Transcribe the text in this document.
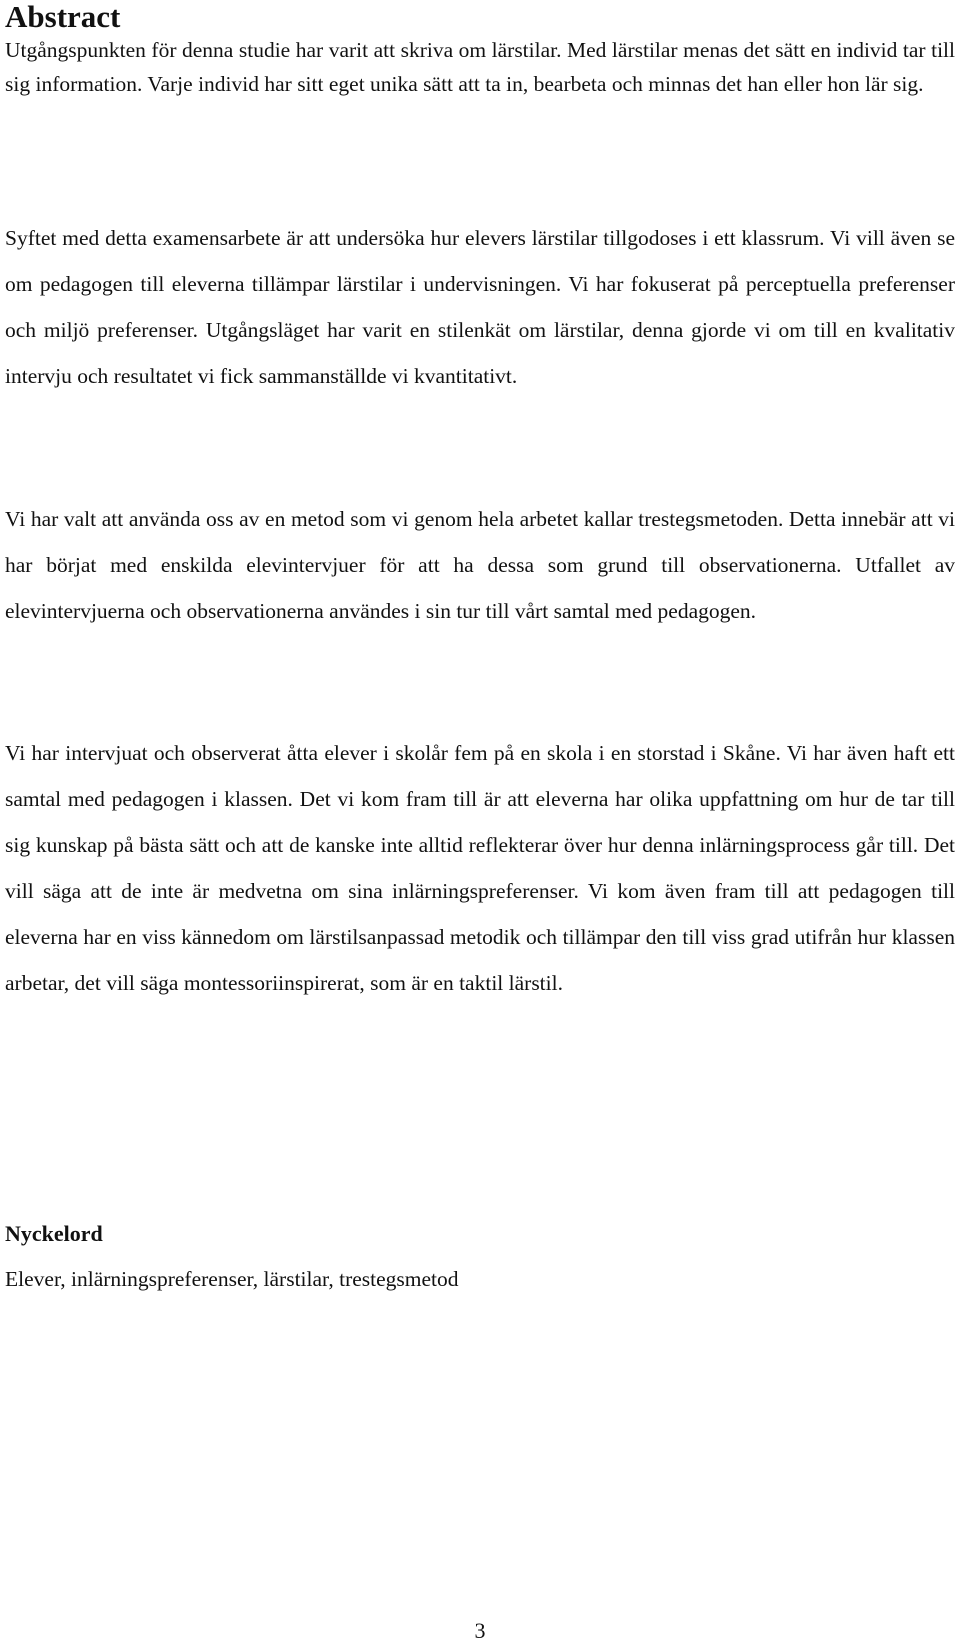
Abstract

Utgångspunkten för denna studie har varit att skriva om lärstilar. Med lärstilar menas det sätt en individ tar till sig information. Varje individ har sitt eget unika sätt att ta in, bearbeta och minnas det han eller hon lär sig.

Syftet med detta examensarbete är att undersöka hur elevers lärstilar tillgodoses i ett klassrum. Vi vill även se om pedagogen till eleverna tillämpar lärstilar i undervisningen. Vi har fokuserat på perceptuella preferenser och miljö preferenser. Utgångsläget har varit en stilenkät om lärstilar, denna gjorde vi om till en kvalitativ intervju och resultatet vi fick sammanställde vi kvantitativt.

Vi har valt att använda oss av en metod som vi genom hela arbetet kallar trestegsmetoden. Detta innebär att vi har börjat med enskilda elevintervjuer för att ha dessa som grund till observationerna. Utfallet av elevintervjuerna och observationerna användes i sin tur till vårt samtal med pedagogen.

Vi har intervjuat och observerat åtta elever i skolår fem på en skola i en storstad i Skåne. Vi har även haft ett samtal med pedagogen i klassen. Det vi kom fram till är att eleverna har olika uppfattning om hur de tar till sig kunskap på bästa sätt och att de kanske inte alltid reflekterar över hur denna inlärningsprocess går till. Det vill säga att de inte är medvetna om sina inlärningspreferenser. Vi kom även fram till att pedagogen till eleverna har en viss kännedom om lärstilsanpassad metodik och tillämpar den till viss grad utifrån hur klassen arbetar, det vill säga montessoriinspirerat, som är en taktil lärstil.

Nyckelord

Elever, inlärningspreferenser, lärstilar, trestegsmetod

3
